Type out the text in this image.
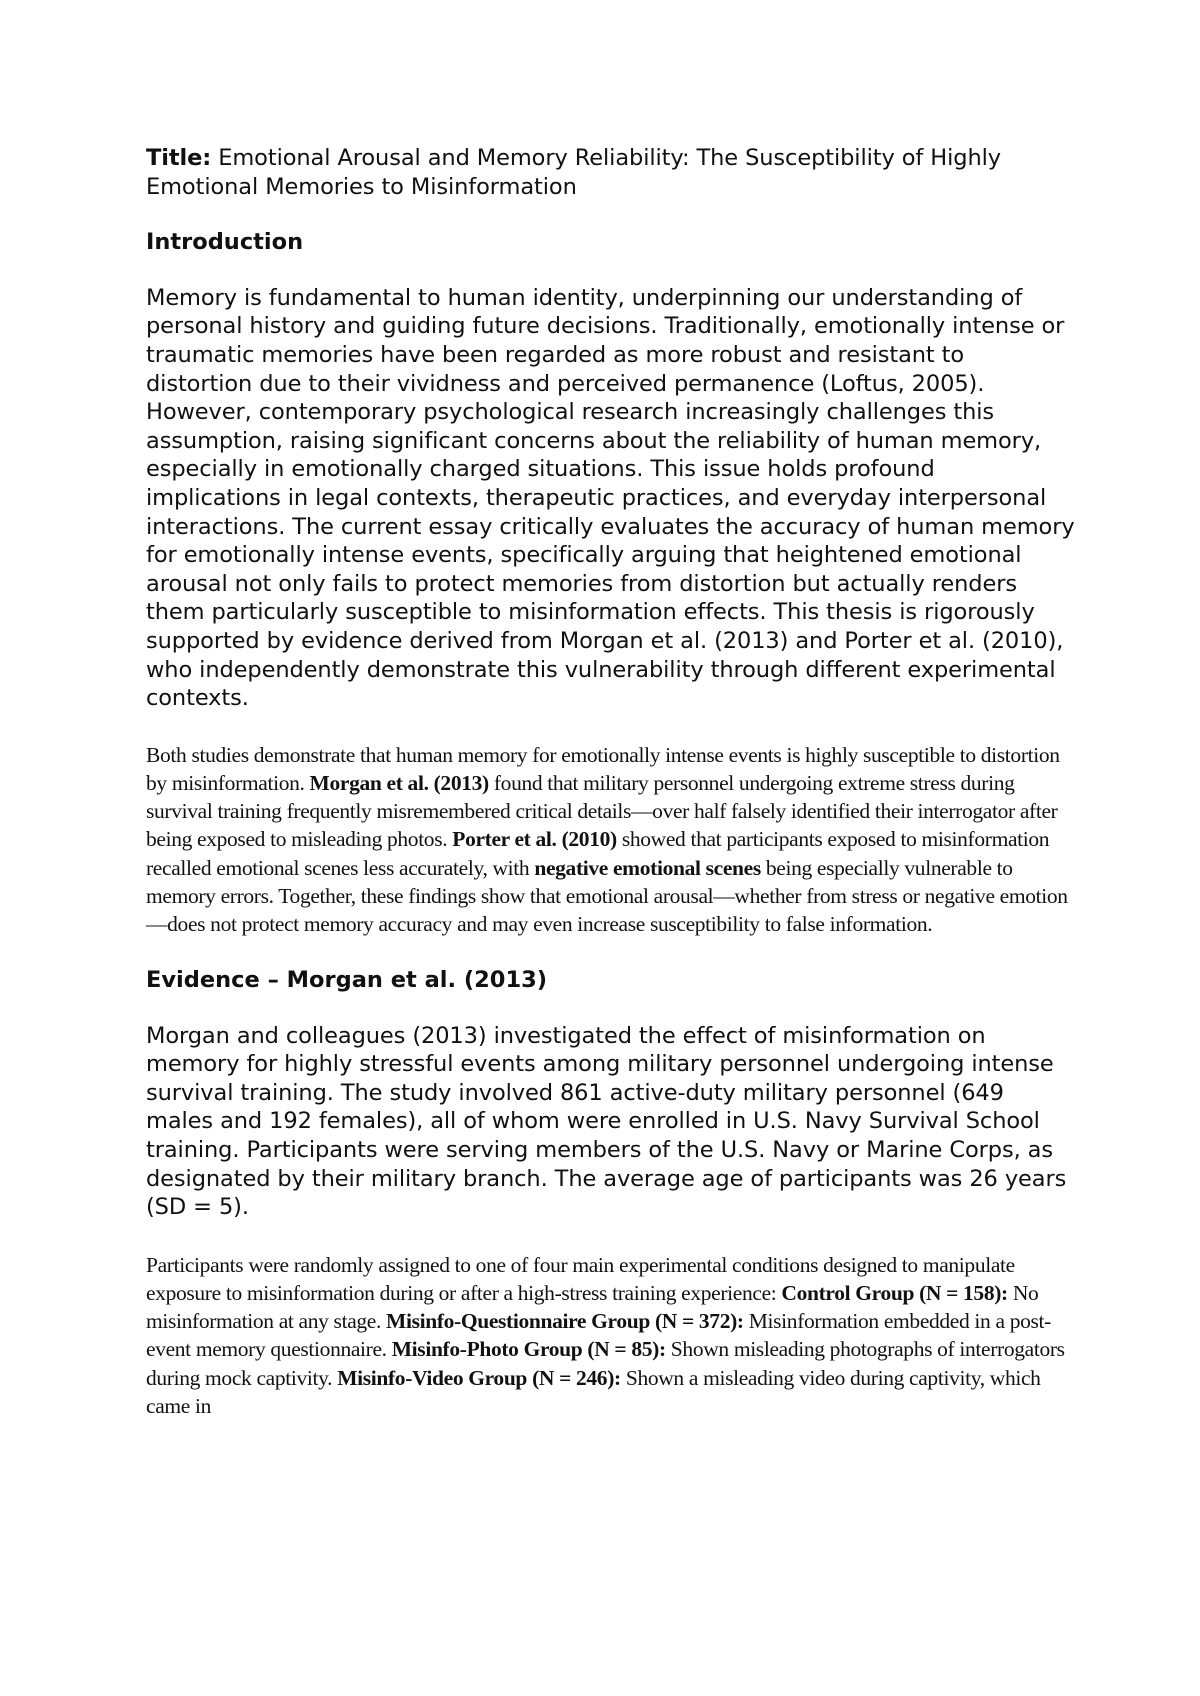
Title: Emotional Arousal and Memory Reliability: The Susceptibility of Highly Emotional Memories to Misinformation

Introduction

Memory is fundamental to human identity, underpinning our understanding of personal history and guiding future decisions. Traditionally, emotionally intense or traumatic memories have been regarded as more robust and resistant to distortion due to their vividness and perceived permanence (Loftus, 2005). However, contemporary psychological research increasingly challenges this assumption, raising significant concerns about the reliability of human memory, especially in emotionally charged situations. This issue holds profound implications in legal contexts, therapeutic practices, and everyday interpersonal interactions. The current essay critically evaluates the accuracy of human memory for emotionally intense events, specifically arguing that heightened emotional arousal not only fails to protect memories from distortion but actually renders them particularly susceptible to misinformation effects. This thesis is rigorously supported by evidence derived from Morgan et al. (2013) and Porter et al. (2010), who independently demonstrate this vulnerability through different experimental contexts.

Both studies demonstrate that human memory for emotionally intense events is highly susceptible to distortion by misinformation. Morgan et al. (2013) found that military personnel undergoing extreme stress during survival training frequently misremembered critical details—over half falsely identified their interrogator after being exposed to misleading photos. Porter et al. (2010) showed that participants exposed to misinformation recalled emotional scenes less accurately, with negative emotional scenes being especially vulnerable to memory errors. Together, these findings show that emotional arousal—whether from stress or negative emotion—does not protect memory accuracy and may even increase susceptibility to false information.

Evidence – Morgan et al. (2013)

Morgan and colleagues (2013) investigated the effect of misinformation on memory for highly stressful events among military personnel undergoing intense survival training. The study involved 861 active-duty military personnel (649 males and 192 females), all of whom were enrolled in U.S. Navy Survival School training. Participants were serving members of the U.S. Navy or Marine Corps, as designated by their military branch. The average age of participants was 26 years (SD = 5).

Participants were randomly assigned to one of four main experimental conditions designed to manipulate exposure to misinformation during or after a high-stress training experience: Control Group (N = 158): No misinformation at any stage. Misinfo-Questionnaire Group (N = 372): Misinformation embedded in a post-event memory questionnaire. Misinfo-Photo Group (N = 85): Shown misleading photographs of interrogators during mock captivity. Misinfo-Video Group (N = 246): Shown a misleading video during captivity, which came in
